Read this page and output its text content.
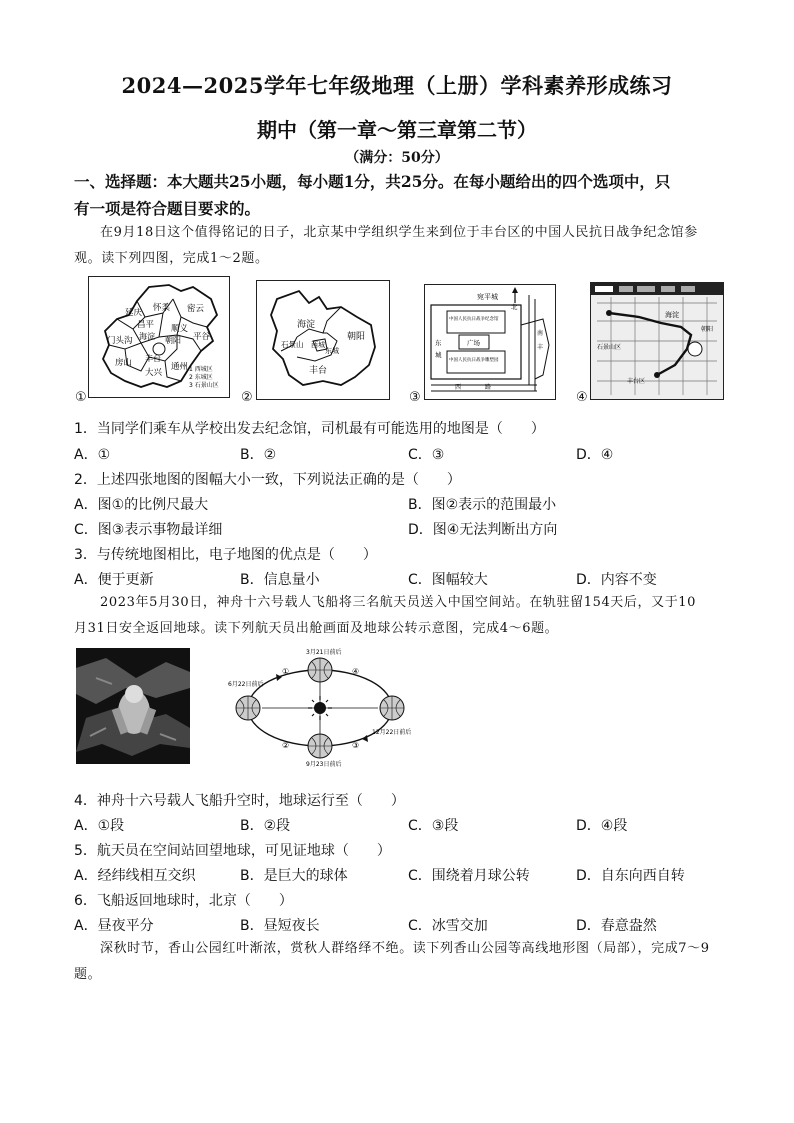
2024—2025学年七年级地理（上册）学科素养形成练习
期中（第一章～第三章第二节）
（满分：50分）
一、选择题：本大题共25小题，每小题1分，共25分。在每小题给出的四个选项中，只
有一项是符合题目要求的。
在9月18日这个值得铭记的日子，北京某中学组织学生来到位于丰台区的中国人民抗日战争纪念馆参
观。读下列四图，完成1～2题。
延庆 怀柔 密云
昌平 顺义
平谷
门头沟 海淀 朝阳
房山 丰台
大兴
通州 1 西城区
2 东城区
3 石景山区
①
海淀
朝阳
石景山 西城
东城
丰台
②
宛平城
北
中国人民抗日战争纪念馆
广场
中国人民抗日战争雕塑园
东
城
西	路
南
丰
③
海淀
石景山区
丰台区
朝阳
④
1．当同学们乘车从学校出发去纪念馆，司机最有可能选用的地图是（　　）
A．①	B．②	C．③	D．④
2．上述四张地图的图幅大小一致，下列说法正确的是（　　）
A．图①的比例尺最大	B．图②表示的范围最小
C．图③表示事物最详细	D．图④无法判断出方向
3．与传统地图相比，电子地图的优点是（　　）
A．便于更新	B．信息量小	C．图幅较大	D．内容不变
2023年5月30日，神舟十六号载人飞船将三名航天员送入中国空间站。在轨驻留154天后，又于10
月31日安全返回地球。读下列航天员出舱画面及地球公转示意图，完成4～6题。
3月21日前后
6月22日前后
12月22日前后
9月23日前后
①
②	③
④
4．神舟十六号载人飞船升空时，地球运行至（　　）
A．①段	B．②段	C．③段	D．④段
5．航天员在空间站回望地球，可见证地球（　　）
A．经纬线相互交织	B．是巨大的球体	C．围绕着月球公转	D．自东向西自转
6．飞船返回地球时，北京（　　）
A．昼夜平分	B．昼短夜长	C．冰雪交加	D．春意盎然
深秋时节，香山公园红叶渐浓，赏秋人群络绎不绝。读下列香山公园等高线地形图（局部），完成7～9
题。
